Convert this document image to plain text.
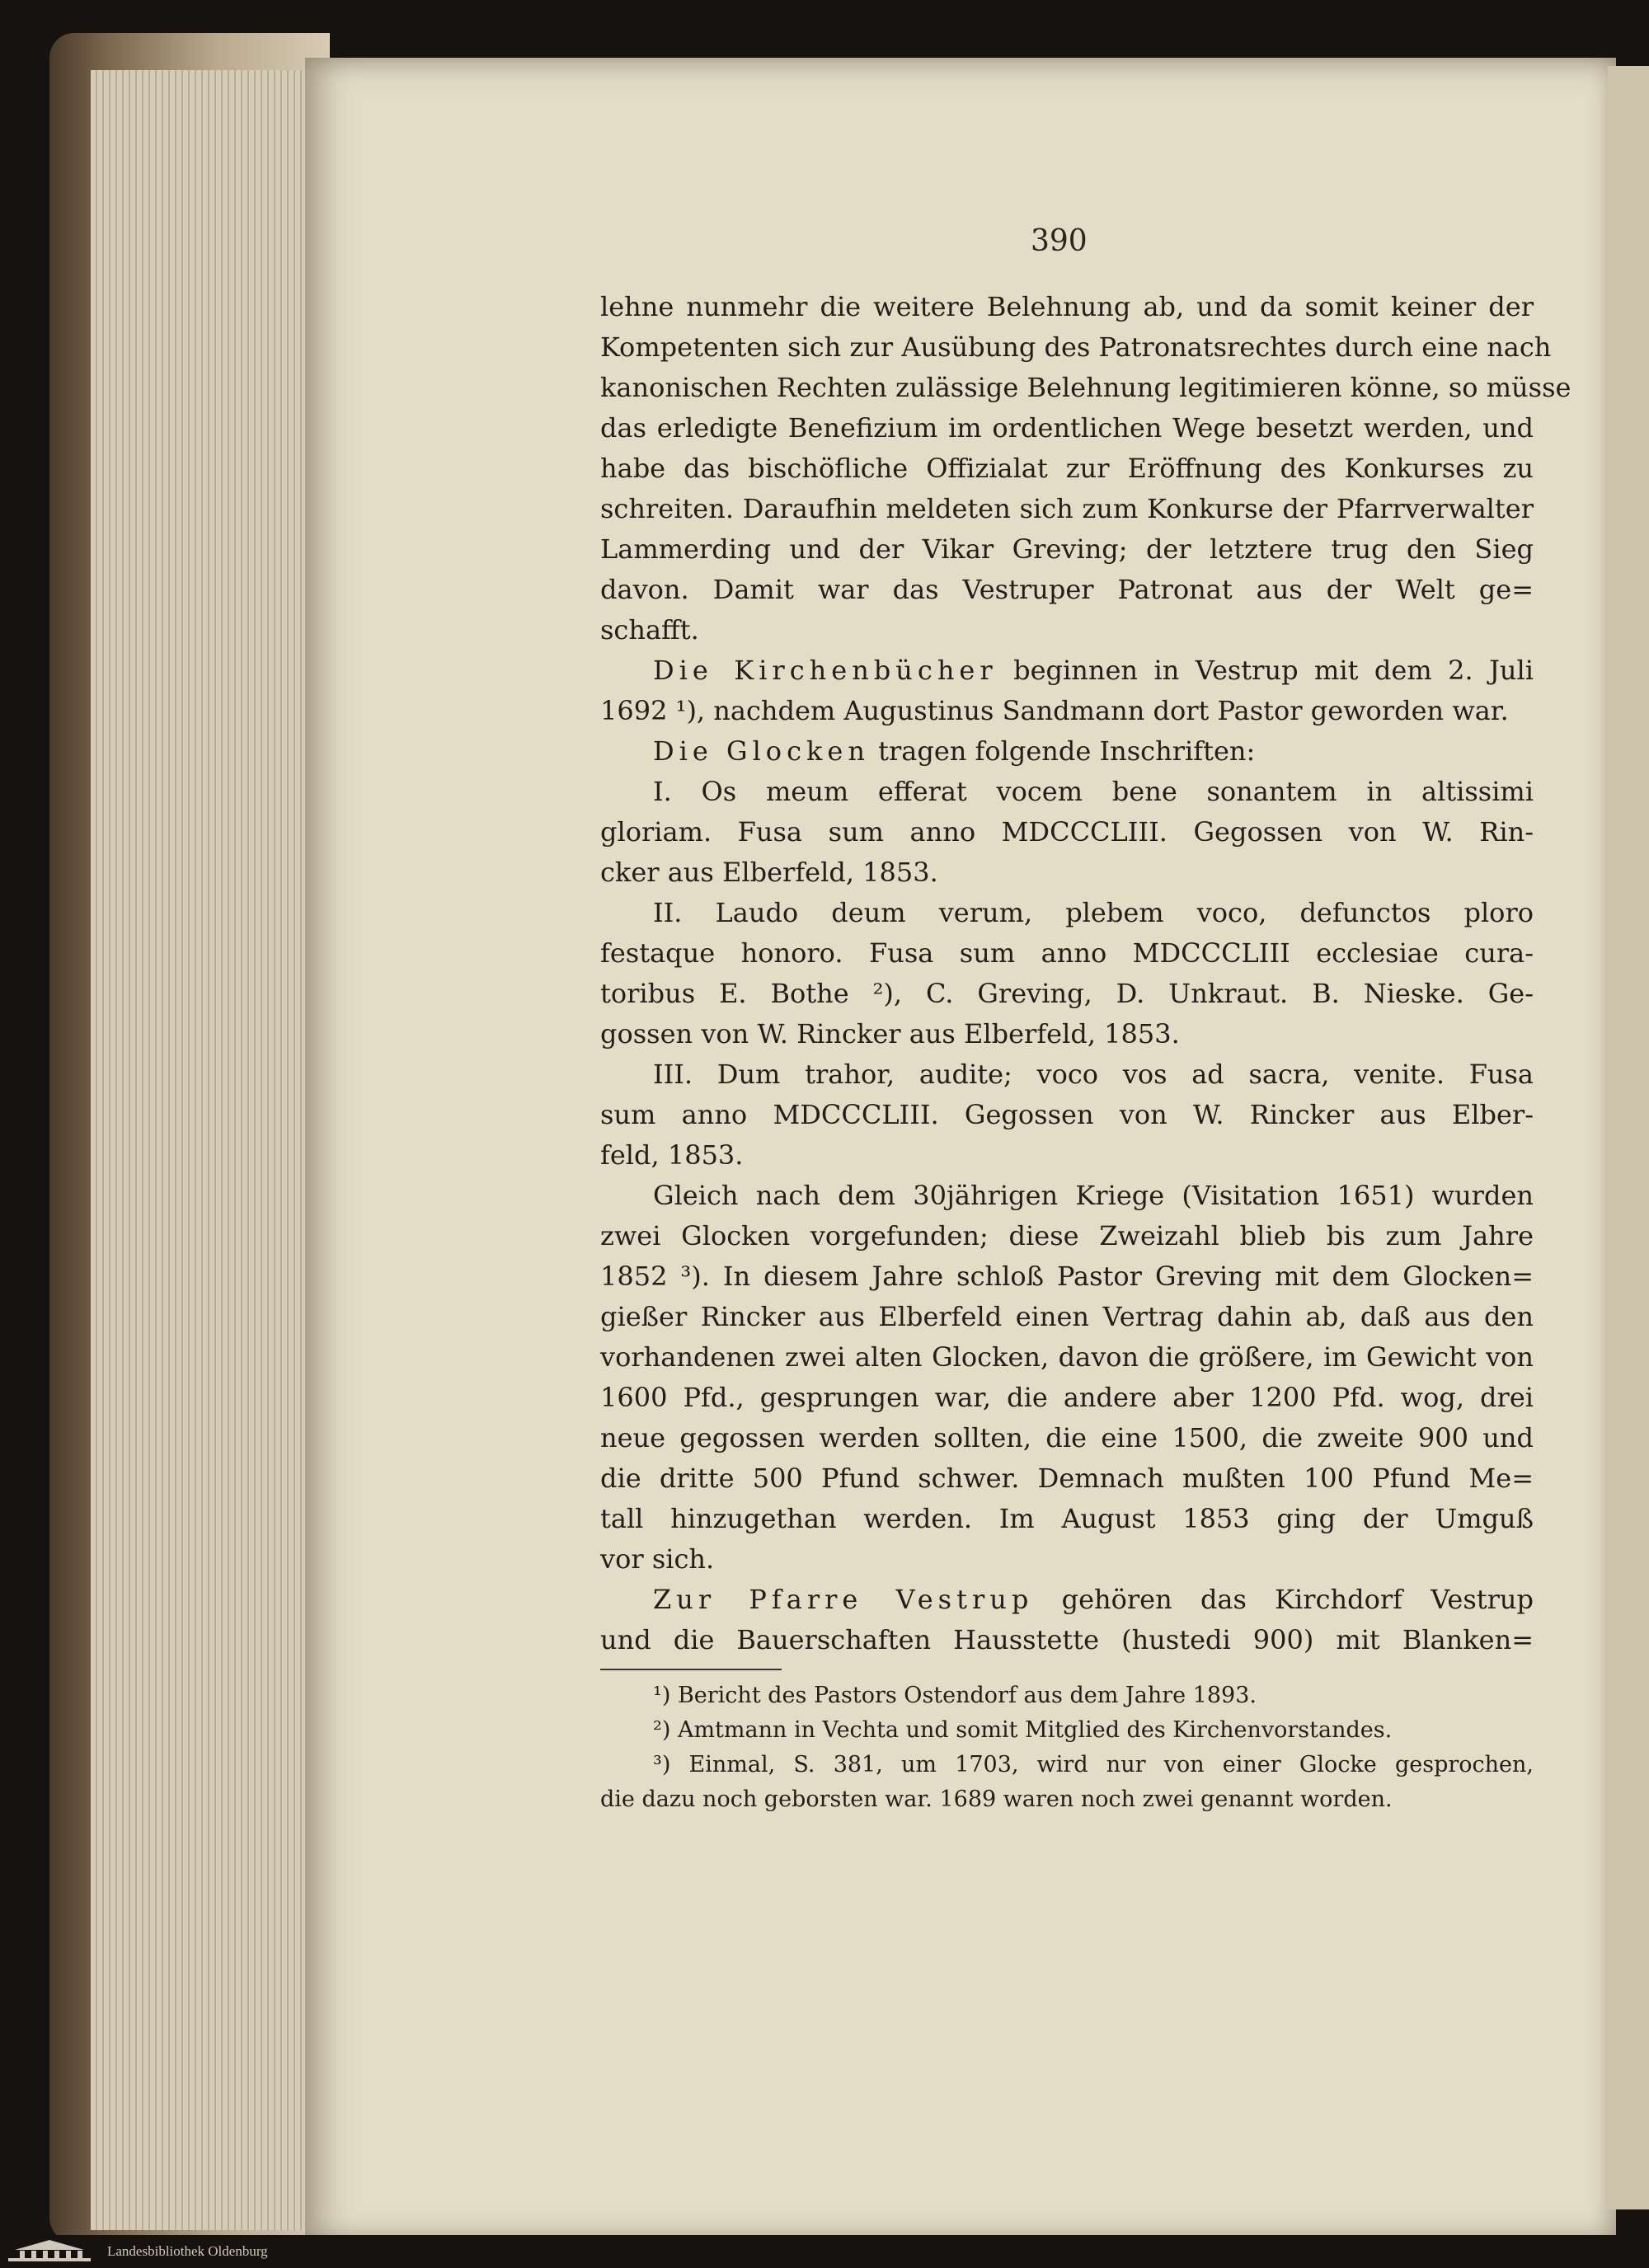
390
lehne nunmehr die weitere Belehnung ab, und da somit keiner der
Kompetenten sich zur Ausübung des Patronatsrechtes durch eine nach
kanonischen Rechten zulässige Belehnung legitimieren könne, so müsse
das erledigte Benefizium im ordentlichen Wege besetzt werden, und
habe das bischöfliche Offizialat zur Eröffnung des Konkurses zu
schreiten. Daraufhin meldeten sich zum Konkurse der Pfarrverwalter
Lammerding und der Vikar Greving; der letztere trug den Sieg
davon. Damit war das Vestruper Patronat aus der Welt ge=
schafft.
Die Kirchenbücher beginnen in Vestrup mit dem 2. Juli
1692 ¹), nachdem Augustinus Sandmann dort Pastor geworden war.
Die Glocken tragen folgende Inschriften:
I. Os meum efferat vocem bene sonantem in altissimi
gloriam. Fusa sum anno MDCCCLIII. Gegossen von W. Rin-
cker aus Elberfeld, 1853.
II. Laudo deum verum, plebem voco, defunctos ploro
festaque honoro. Fusa sum anno MDCCCLIII ecclesiae cura-
toribus E. Bothe ²), C. Greving, D. Unkraut. B. Nieske. Ge-
gossen von W. Rincker aus Elberfeld, 1853.
III. Dum trahor, audite; voco vos ad sacra, venite. Fusa
sum anno MDCCCLIII. Gegossen von W. Rincker aus Elber-
feld, 1853.
Gleich nach dem 30jährigen Kriege (Visitation 1651) wurden
zwei Glocken vorgefunden; diese Zweizahl blieb bis zum Jahre
1852 ³). In diesem Jahre schloß Pastor Greving mit dem Glocken=
gießer Rincker aus Elberfeld einen Vertrag dahin ab, daß aus den
vorhandenen zwei alten Glocken, davon die größere, im Gewicht von
1600 Pfd., gesprungen war, die andere aber 1200 Pfd. wog, drei
neue gegossen werden sollten, die eine 1500, die zweite 900 und
die dritte 500 Pfund schwer. Demnach mußten 100 Pfund Me=
tall hinzugethan werden. Im August 1853 ging der Umguß
vor sich.
Zur Pfarre Vestrup gehören das Kirchdorf Vestrup
und die Bauerschaften Hausstette (hustedi 900) mit Blanken=
¹) Bericht des Pastors Ostendorf aus dem Jahre 1893.
²) Amtmann in Vechta und somit Mitglied des Kirchenvorstandes.
³) Einmal, S. 381, um 1703, wird nur von einer Glocke gesprochen,
die dazu noch geborsten war. 1689 waren noch zwei genannt worden.
Landesbibliothek Oldenburg
